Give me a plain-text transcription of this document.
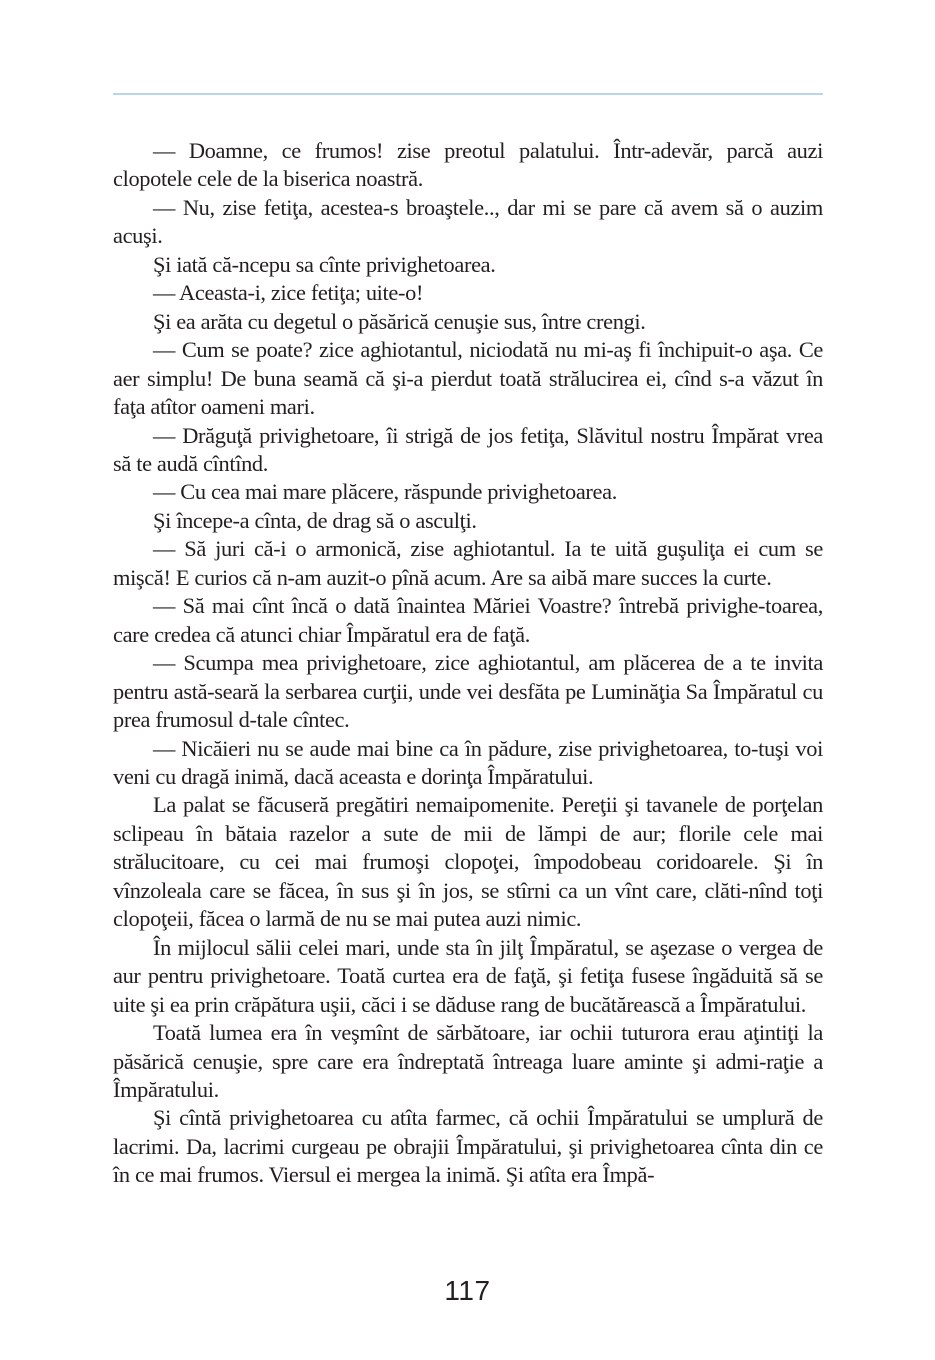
— Doamne, ce frumos! zise preotul palatului. Într-adevăr, parcă auzi clopotele cele de la biserica noastră.

— Nu, zise fetiţa, acestea-s broaştele.., dar mi se pare că avem să o auzim acuşi.

Şi iată că-ncepu sa cînte privighetoarea.

— Aceasta-i, zice fetiţa; uite-o!

Şi ea arăta cu degetul o păsărică cenuşie sus, între crengi.

— Cum se poate? zice aghiotantul, niciodată nu mi-aş fi închipuit-o aşa. Ce aer simplu! De buna seamă că şi-a pierdut toată strălucirea ei, cînd s-a văzut în faţa atîtor oameni mari.

— Drăguţă privighetoare, îi strigă de jos fetiţa, Slăvitul nostru Împărat vrea să te audă cîntînd.

— Cu cea mai mare plăcere, răspunde privighetoarea.

Şi începe-a cînta, de drag să o asculţi.

— Să juri că-i o armonică, zise aghiotantul. Ia te uită guşuliţa ei cum se mişcă! E curios că n-am auzit-o pînă acum. Are sa aibă mare succes la curte.

— Să mai cînt încă o dată înaintea Măriei Voastre? întrebă privighe-toarea, care credea că atunci chiar Împăratul era de faţă.

— Scumpa mea privighetoare, zice aghiotantul, am plăcerea de a te invita pentru astă-seară la serbarea curţii, unde vei desfăta pe Luminăţia Sa Împăratul cu prea frumosul d-tale cîntec.

— Nicăieri nu se aude mai bine ca în pădure, zise privighetoarea, to-tuşi voi veni cu dragă inimă, dacă aceasta e dorinţa Împăratului.

La palat se făcuseră pregătiri nemaipomenite. Pereţii şi tavanele de porţelan sclipeau în bătaia razelor a sute de mii de lămpi de aur; florile cele mai strălucitoare, cu cei mai frumoşi clopoţei, împodobeau coridoarele. Şi în vînzoleala care se făcea, în sus şi în jos, se stîrni ca un vînt care, clăti-nînd toţi clopoţeii, făcea o larmă de nu se mai putea auzi nimic.

În mijlocul sălii celei mari, unde sta în jilţ Împăratul, se aşezase o vergea de aur pentru privighetoare. Toată curtea era de faţă, şi fetiţa fusese îngăduită să se uite şi ea prin crăpătura uşii, căci i se dăduse rang de bucătărească a Împăratului.

Toată lumea era în veşmînt de sărbătoare, iar ochii tuturora erau aţintiţi la păsărică cenuşie, spre care era îndreptată întreaga luare aminte şi admi-raţie a Împăratului.

Şi cîntă privighetoarea cu atîta farmec, că ochii Împăratului se umplură de lacrimi. Da, lacrimi curgeau pe obrajii Împăratului, şi privighetoarea cînta din ce în ce mai frumos. Viersul ei mergea la inimă. Şi atîta era Împă-

117
